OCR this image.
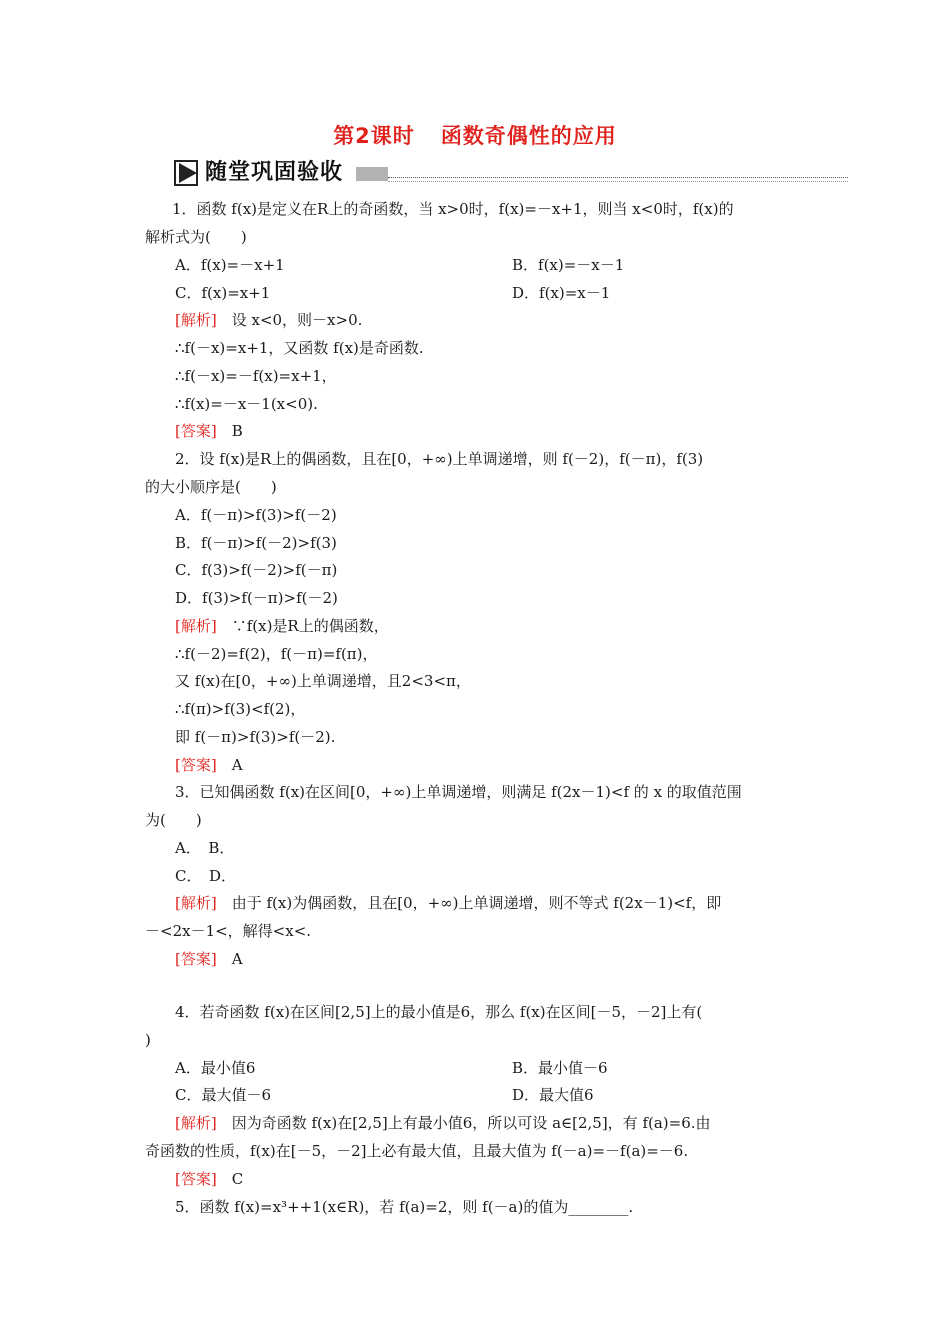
第2课时 函数奇偶性的应用
随堂巩固验收
1．函数 f(x)是定义在R上的奇函数，当 x>0时，f(x)=－x+1，则当 x<0时，f(x)的
解析式为(　　)
A．f(x)=－x+1	B．f(x)=－x－1
C．f(x)=x+1	D．f(x)=x－1
[解析]　设 x<0，则－x>0.
∴f(－x)=x+1，又函数 f(x)是奇函数.
∴f(－x)=－f(x)=x+1，
∴f(x)=－x－1(x<0).
[答案]　B
2．设 f(x)是R上的偶函数，且在[0，+∞)上单调递增，则 f(－2)，f(－π)，f(3)
的大小顺序是(　　)
A．f(－π)>f(3)>f(－2)
B．f(－π)>f(－2)>f(3)
C．f(3)>f(－2)>f(－π)
D．f(3)>f(－π)>f(－2)
[解析]　∵f(x)是R上的偶函数，
∴f(－2)=f(2)，f(－π)=f(π)，
又 f(x)在[0，+∞)上单调递增，且2<3<π，
∴f(π)>f(3)<f(2)，
即 f(－π)>f(3)>f(－2).
[答案]　A
3．已知偶函数 f(x)在区间[0，+∞)上单调递增，则满足 f(2x－1)<f 的 x 的取值范围
为(　　)
A．　B．
C．　D．
[解析]　由于 f(x)为偶函数，且在[0，+∞)上单调递增，则不等式 f(2x－1)<f，即
－<2x－1<，解得<x<.
[答案]　A
4．若奇函数 f(x)在区间[2,5]上的最小值是6，那么 f(x)在区间[－5，－2]上有(
)
A．最小值6	B．最小值－6
C．最大值－6	D．最大值6
[解析]　因为奇函数 f(x)在[2,5]上有最小值6，所以可设 a∈[2,5]，有 f(a)=6.由
奇函数的性质，f(x)在[－5，－2]上必有最大值，且最大值为 f(－a)=－f(a)=－6.
[答案]　C
5．函数 f(x)=x³++1(x∈R)，若 f(a)=2，则 f(－a)的值为________.
